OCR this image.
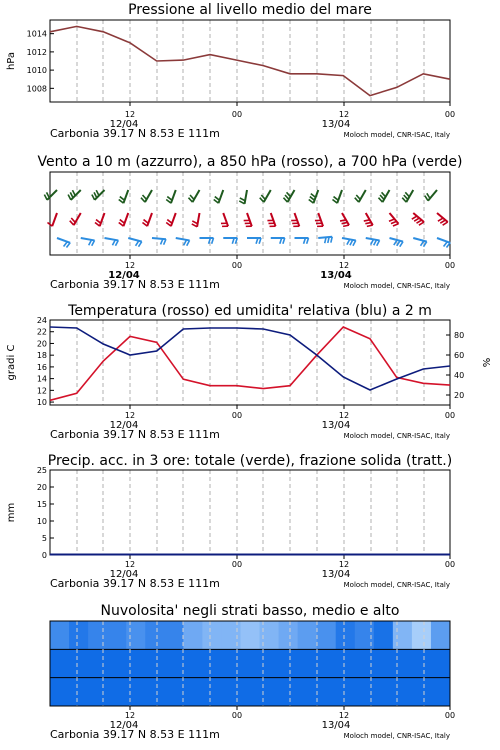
Pressione al livello medio del mare
12	00	12	00
12/04	13/04
Carbonia 39.17 N 8.53 E 111m	Moloch model, CNR-ISAC, Italy
1008
1010
1012
1014
hPa
Vento a 10 m (azzurro), a 850 hPa (rosso), a 700 hPa (verde)
12	00	12	00
12/04	13/04
Carbonia 39.17 N 8.53 E 111m	Moloch model, CNR-ISAC, Italy
Temperatura (rosso) ed umidita' relativa (blu) a 2 m
12	00	12	00
12/04	13/04
Carbonia 39.17 N 8.53 E 111m	Moloch model, CNR-ISAC, Italy
10
12
14
16
18
20
22
24
20
40
60
80
gradi C	%
Precip. acc. in 3 ore: totale (verde), frazione solida (tratt.)
12	00	12	00
12/04	13/04
Carbonia 39.17 N 8.53 E 111m	Moloch model, CNR-ISAC, Italy
0
5
10
15
20
25
mm
Nuvolosita' negli strati basso, medio e alto
12	00	12	00
12/04	13/04
Carbonia 39.17 N 8.53 E 111m	Moloch model, CNR-ISAC, Italy
